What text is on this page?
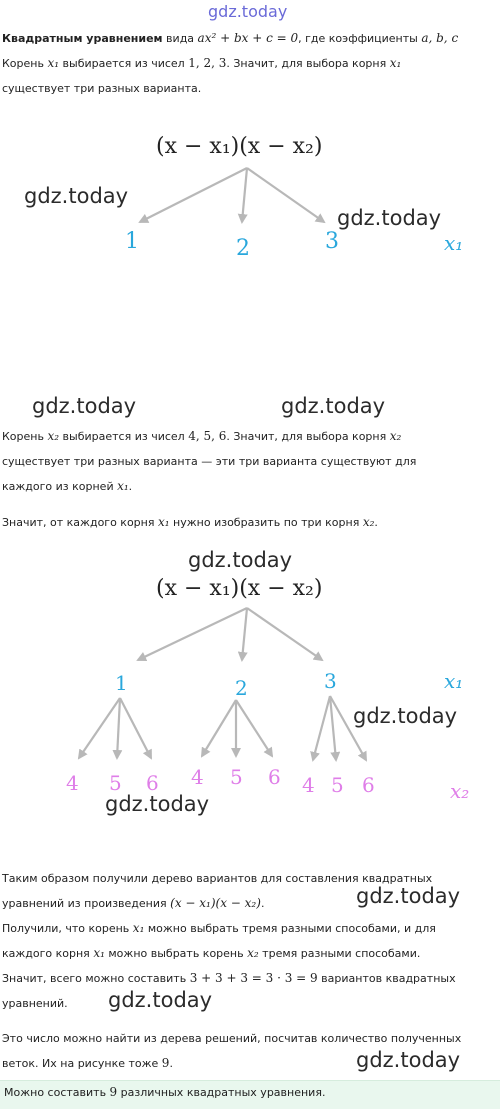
gdz.today
Квадратным уравнением вида ax² + bx + c = 0, где коэффициенты a, b, c
Корень x₁ выбирается из чисел 1, 2, 3. Значит, для выбора корня x₁
существует три разных варианта.
(x − x₁)(x − x₂)
1	2	3	x₁
gdz.today
gdz.today
gdz.today	gdz.today
Корень x₂ выбирается из чисел 4, 5, 6. Значит, для выбора корня x₂
существует три разных варианта — эти три варианта существуют для
каждого из корней x₁.
Значит, от каждого корня x₁ нужно изобразить по три корня x₂.
gdz.today
(x − x₁)(x − x₂)
1	2	3	x₁
4 5 6 4 5 6 4 5 6	x₂
gdz.today
gdz.today
Таким образом получили дерево вариантов для составления квадратных
уравнений из произведения (x − x₁)(x − x₂).	gdz.today
Получили, что корень x₁ можно выбрать тремя разными способами, и для
каждого корня x₁ можно выбрать корень x₂ тремя разными способами.
Значит, всего можно составить 3 + 3 + 3 = 3 · 3 = 9 вариантов квадратных
уравнений.	gdz.today
Это число можно найти из дерева решений, посчитав количество полученных
веток. Их на рисунке тоже 9.	gdz.today
Можно составить 9 различных квадратных уравнения.
